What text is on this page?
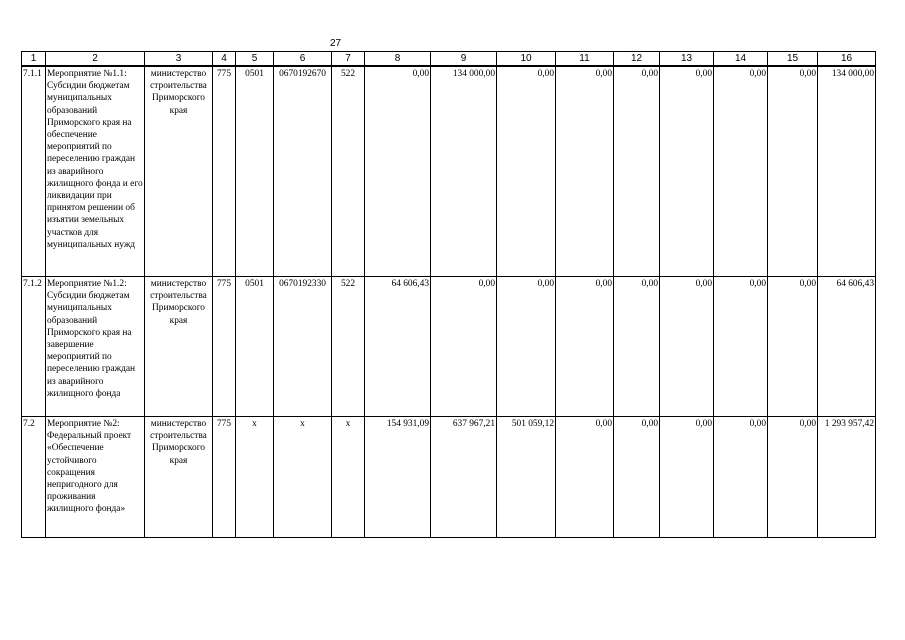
27
1	2	3	4	5	6	7	8	9	10	11	12	13	14	15	16
7.1.1	Мероприятие №1.1: Субсидии бюджетам муниципальных образований Приморского края на обеспечение мероприятий по переселению граждан из аварийного жилищного фонда и его ликвидации при принятом решении об изъятии земельных участков для муниципальных нужд	министерство строительства Приморского края	775	0501	0670192670	522	0,00	134 000,00	0,00	0,00	0,00	0,00	0,00	0,00	134 000,00
7.1.2	Мероприятие №1.2: Субсидии бюджетам муниципальных образований Приморского края на завершение мероприятий по переселению граждан из аварийного жилищного фонда	министерство строительства Приморского края	775	0501	0670192330	522	64 606,43	0,00	0,00	0,00	0,00	0,00	0,00	0,00	64 606,43
7.2	Мероприятие №2: Федеральный проект «Обеспечение устойчивого сокращения непригодного для проживания жилищного фонда»	министерство строительства Приморского края	775	x	x	x	154 931,09	637 967,21	501 059,12	0,00	0,00	0,00	0,00	0,00	1 293 957,42
